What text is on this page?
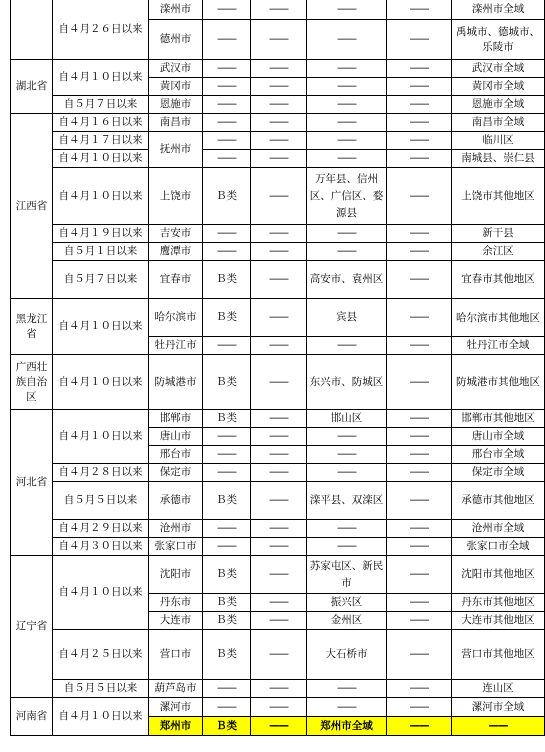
	自４月２６日以来	滦州市	——	——	——	——	滦州市全域
		德州市	——	——	——	——	禹城市、德城市、乐陵市
湖北省	自４月１０日以来	武汉市	——	——	——	——	武汉市全域
		黄冈市	——	——	——	——	黄冈市全域
	自５月７日以来	恩施市	——	——	——	——	恩施市全域
江西省	自４月１６日以来	南昌市	——	——	——	——	南昌市全域
	自４月１７日以来	抚州市	——	——	——	——	临川区
	自４月１０日以来		——	——	——	——	南城县、崇仁县
	自４月１０日以来	上饶市	Ｂ类	——	万年县、信州区、广信区、婺源县	——	上饶市其他地区
	自４月１９日以来	吉安市	——	——	——	——	新干县
	自５月１日以来	鹰潭市	——	——	——	——	余江区
	自５月７日以来	宜春市	Ｂ类	——	高安市、袁州区	——	宜春市其他地区
黑龙江省	自４月１０日以来	哈尔滨市	Ｂ类	——	宾县	——	哈尔滨市其他地区
		牡丹江市	——	——	——	——	牡丹江市全域
广西壮族自治区	自４月１０日以来	防城港市	Ｂ类	——	东兴市、防城区	——	防城港市其他地区
河北省	自４月１０日以来	邯郸市	Ｂ类	——	邯山区	——	邯郸市其他地区
		唐山市	——	——	——	——	唐山市全域
		邢台市	——	——	——	——	邢台市全域
	自４月２８日以来	保定市	——	——	——	——	保定市全域
	自５月５日以来	承德市	Ｂ类	——	滦平县、双滦区	——	承德市其他地区
	自４月２９日以来	沧州市	——	——	——	——	沧州市全域
	自４月３０日以来	张家口市	——	——	——	——	张家口市全域
辽宁省	自４月１０日以来	沈阳市	Ｂ类	——	苏家屯区、新民市	——	沈阳市其他地区
		丹东市	Ｂ类	——	振兴区	——	丹东市其他地区
		大连市	Ｂ类	——	金州区	——	大连市其他地区
	自４月２５日以来	营口市	Ｂ类	——	大石桥市	——	营口市其他地区
	自５月５日以来	葫芦岛市	——	——	——	——	连山区
河南省	自４月１０日以来	漯河市	——	——	——	——	漯河市全域
		郑州市	Ｂ类	——	郑州市全域	——	——
